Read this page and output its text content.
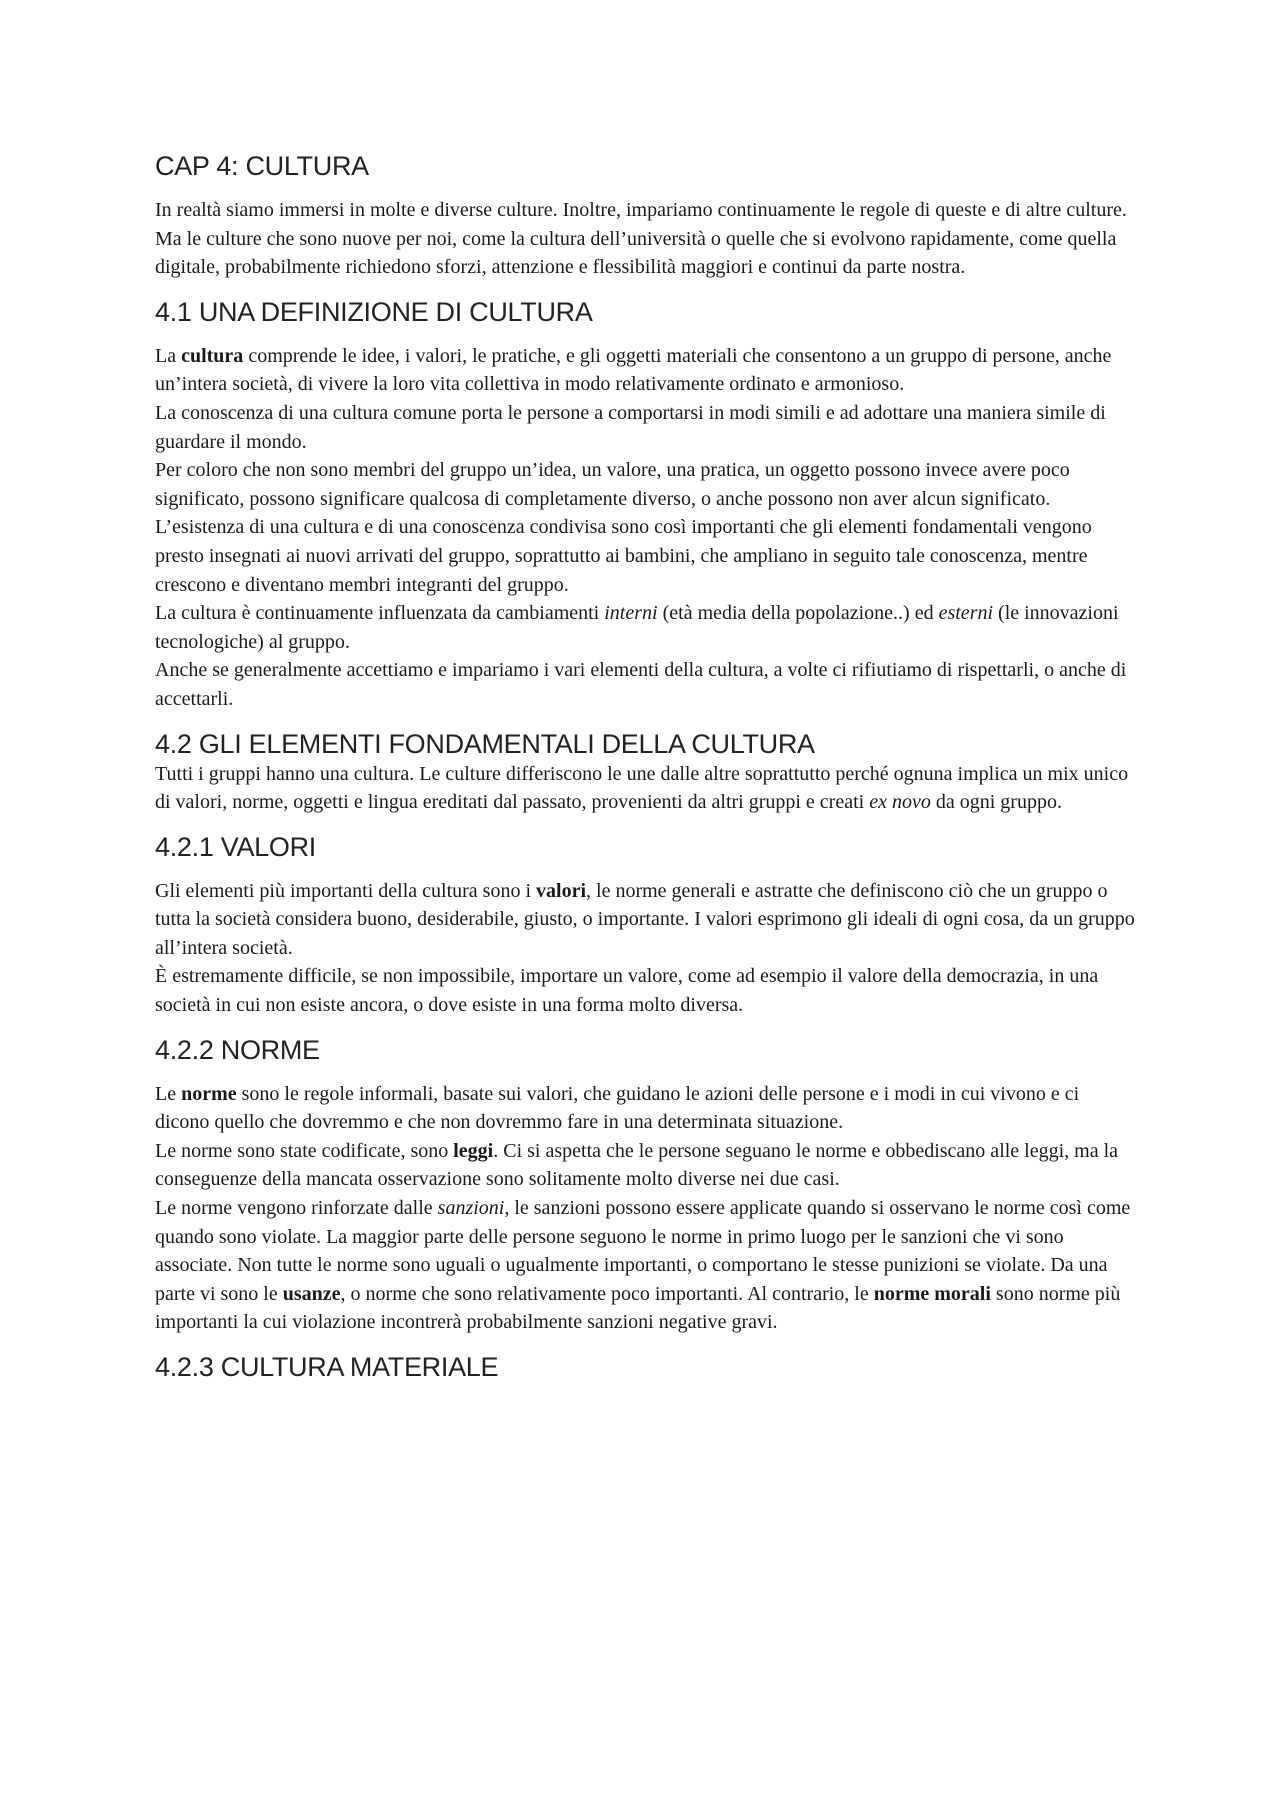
CAP 4: CULTURA

In realtà siamo immersi in molte e diverse culture. Inoltre, impariamo continuamente le regole di queste e di altre culture. Ma le culture che sono nuove per noi, come la cultura dell’università o quelle che si evolvono rapidamente, come quella digitale, probabilmente richiedono sforzi, attenzione e flessibilità maggiori e continui da parte nostra.

4.1 UNA DEFINIZIONE DI CULTURA

La cultura comprende le idee, i valori, le pratiche, e gli oggetti materiali che consentono a un gruppo di persone, anche un’intera società, di vivere la loro vita collettiva in modo relativamente ordinato e armonioso.

La conoscenza di una cultura comune porta le persone a comportarsi in modi simili e ad adottare una maniera simile di guardare il mondo.

Per coloro che non sono membri del gruppo un’idea, un valore, una pratica, un oggetto possono invece avere poco significato, possono significare qualcosa di completamente diverso, o anche possono non aver alcun significato.

L’esistenza di una cultura e di una conoscenza condivisa sono così importanti che gli elementi fondamentali vengono presto insegnati ai nuovi arrivati del gruppo, soprattutto ai bambini, che ampliano in seguito tale conoscenza, mentre crescono e diventano membri integranti del gruppo.

La cultura è continuamente influenzata da cambiamenti interni (età media della popolazione..) ed esterni (le innovazioni tecnologiche) al gruppo.

Anche se generalmente accettiamo e impariamo i vari elementi della cultura, a volte ci rifiutiamo di rispettarli, o anche di accettarli.

4.2 GLI ELEMENTI FONDAMENTALI DELLA CULTURA

Tutti i gruppi hanno una cultura. Le culture differiscono le une dalle altre soprattutto perché ognuna implica un mix unico di valori, norme, oggetti e lingua ereditati dal passato, provenienti da altri gruppi e creati ex novo da ogni gruppo.

4.2.1 VALORI

Gli elementi più importanti della cultura sono i valori, le norme generali e astratte che definiscono ciò che un gruppo o tutta la società considera buono, desiderabile, giusto, o importante. I valori esprimono gli ideali di ogni cosa, da un gruppo all’intera società.

È estremamente difficile, se non impossibile, importare un valore, come ad esempio il valore della democrazia, in una società in cui non esiste ancora, o dove esiste in una forma molto diversa.

4.2.2 NORME

Le norme sono le regole informali, basate sui valori, che guidano le azioni delle persone e i modi in cui vivono e ci dicono quello che dovremmo e che non dovremmo fare in una determinata situazione.

Le norme sono state codificate, sono leggi. Ci si aspetta che le persone seguano le norme e obbediscano alle leggi, ma la conseguenze della mancata osservazione sono solitamente molto diverse nei due casi.

Le norme vengono rinforzate dalle sanzioni, le sanzioni possono essere applicate quando si osservano le norme così come quando sono violate. La maggior parte delle persone seguono le norme in primo luogo per le sanzioni che vi sono associate. Non tutte le norme sono uguali o ugualmente importanti, o comportano le stesse punizioni se violate. Da una parte vi sono le usanze, o norme che sono relativamente poco importanti. Al contrario, le norme morali sono norme più importanti la cui violazione incontrerà probabilmente sanzioni negative gravi.

4.2.3 CULTURA MATERIALE
